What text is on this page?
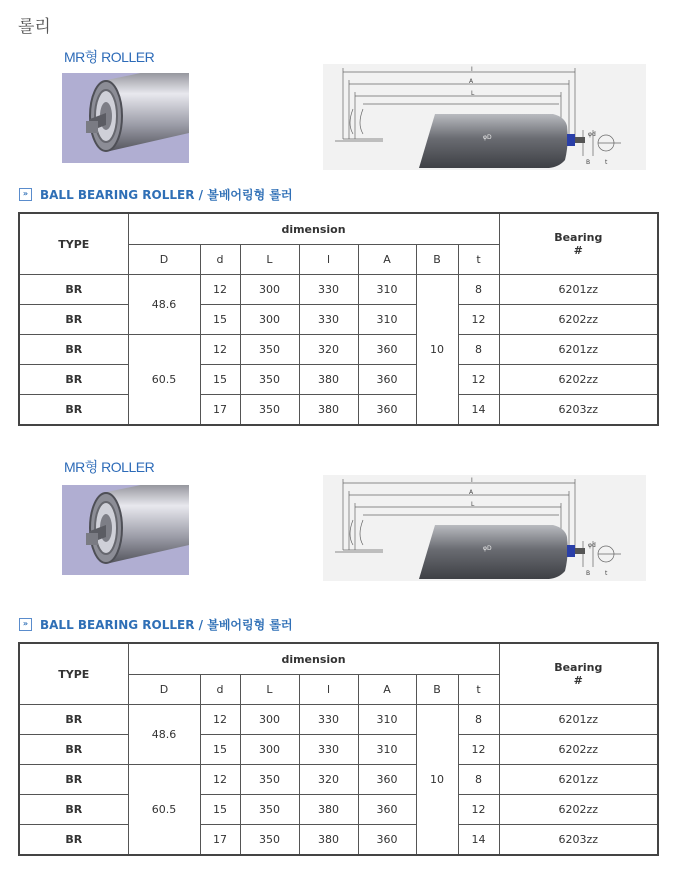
롤리
MR형 ROLLER
I
A
L
φD	φd
B t
» BALL BEARING ROLLER / 볼베어링형 롤러
TYPE	dimension							Bearing
#

	D	d	L	l	A	B	t	
BR	48.6	12	300	330	310	10	8	6201zz
BR		15	300	330	310		12	6202zz
BR	60.5	12	350	320	360		8	6201zz
BR		15	350	380	360		12	6202zz
BR		17	350	380	360		14	6203zz
MR형 ROLLER
I
A
L
φD	φd
B t
» BALL BEARING ROLLER / 볼베어링형 롤러
TYPE	dimension							Bearing
#

	D	d	L	l	A	B	t	
BR	48.6	12	300	330	310	10	8	6201zz
BR		15	300	330	310		12	6202zz
BR	60.5	12	350	320	360		8	6201zz
BR		15	350	380	360		12	6202zz
BR		17	350	380	360		14	6203zz
